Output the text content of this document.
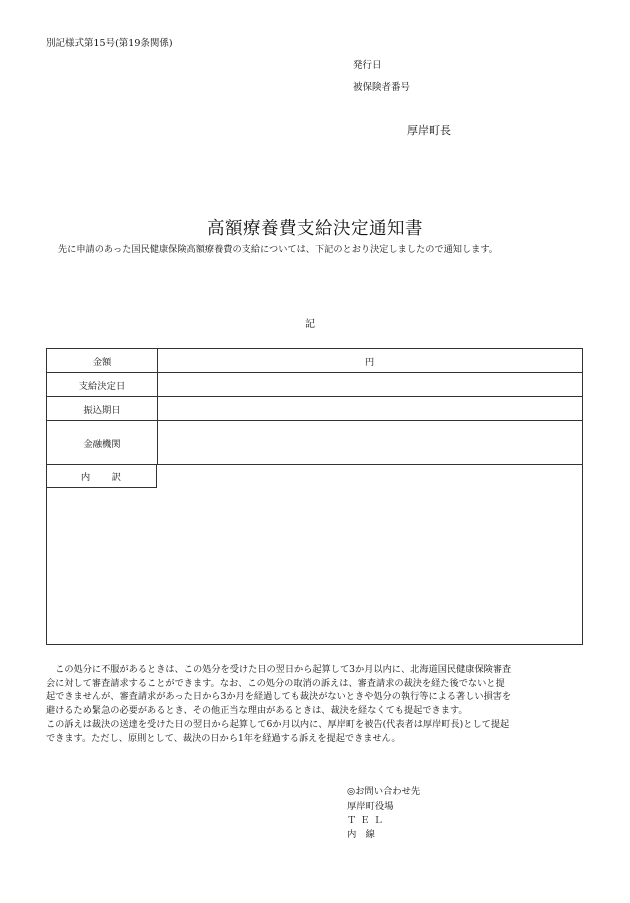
別記様式第15号(第19条関係)
発行日
被保険者番号
厚岸町長
高額療養費支給決定通知書
先に申請のあった国民健康保険高額療養費の支給については、下記のとおり決定しましたので通知します。
記
金額	円
支給決定日
振込期日
金融機関
内　　訳
　この処分に不服があるときは、この処分を受けた日の翌日から起算して3か月以内に、北海道国民健康保険審査
会に対して審査請求することができます。なお、この処分の取消の訴えは、審査請求の裁決を経た後でないと提
起できませんが、審査請求があった日から3か月を経過しても裁決がないときや処分の執行等による著しい損害を
避けるため緊急の必要があるとき、その他正当な理由があるときは、裁決を経なくても提起できます。
この訴えは裁決の送達を受けた日の翌日から起算して6か月以内に、厚岸町を被告(代表者は厚岸町長)として提起
できます。ただし、原則として、裁決の日から1年を経過する訴えを提起できません。
◎お問い合わせ先
厚岸町役場
ＴＥＬ
内　線
